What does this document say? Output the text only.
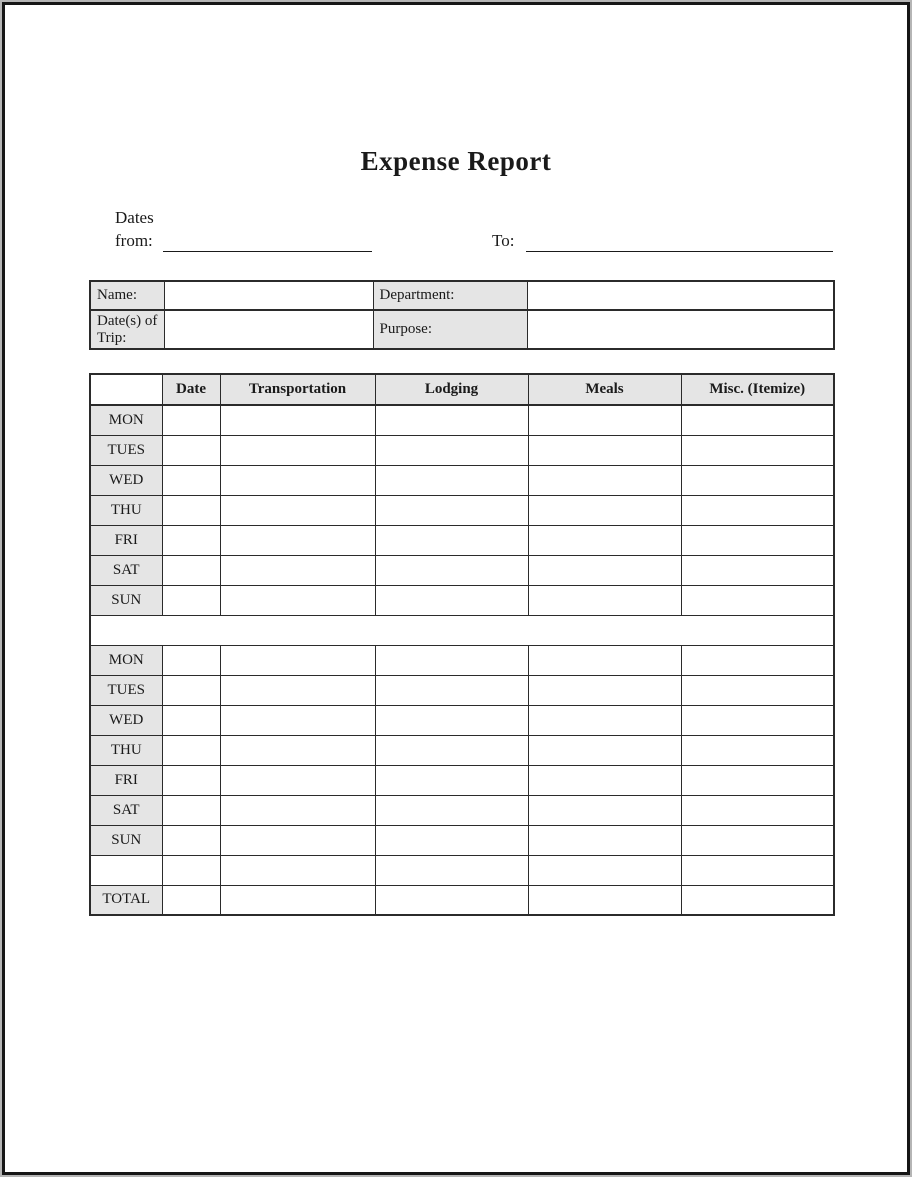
Expense Report
Dates
from:	To:
Name:		Department:	
Date(s) of Trip:		Purpose:	
	Date	Transportation	Lodging	Meals	Misc. (Itemize)
MON					
TUES					
WED					
THU					
FRI					
SAT					
SUN					

MON					
TUES					
WED					
THU					
FRI					
SAT					
SUN					

TOTAL					
